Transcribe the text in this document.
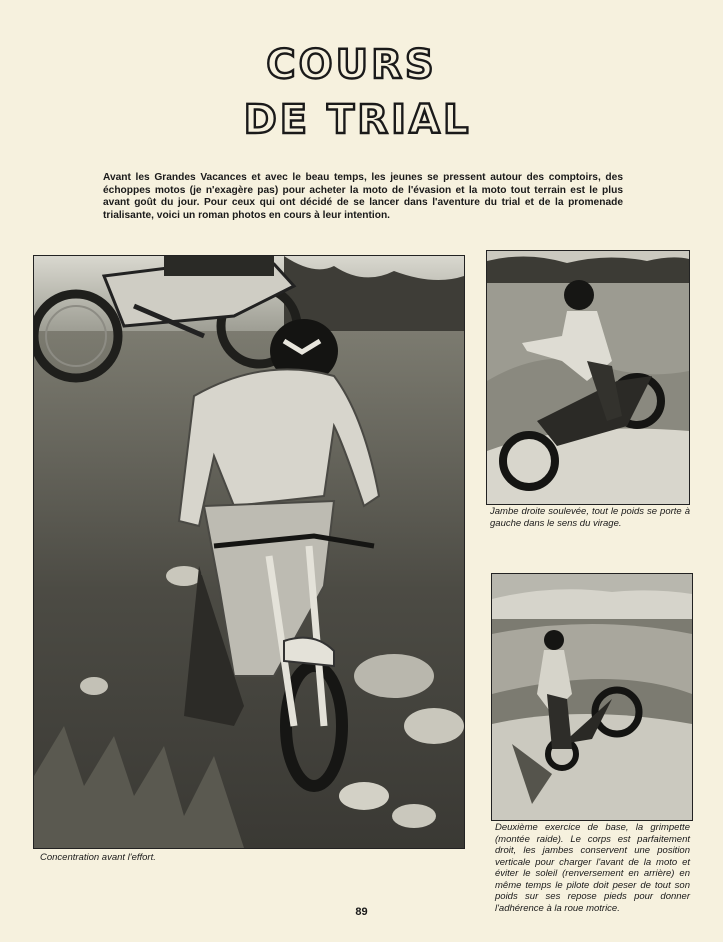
COURS
DE TRIAL
Avant les Grandes Vacances et avec le beau temps, les jeunes se pressent autour des comptoirs, des échoppes motos (je n'exagère pas) pour acheter la moto de l'évasion et la moto tout terrain est le plus avant goût du jour. Pour ceux qui ont décidé de se lancer dans l'aventure du trial et de la promenade trialisante, voici un roman photos en cours à leur intention.
Concentration avant l'effort.
Jambe droite soulevée, tout le poids se porte à gauche dans le sens du virage.
Deuxième exercice de base, la grimpette (montée raide). Le corps est parfaitement droit, les jambes conservent une position verticale pour charger l'avant de la moto et éviter le soleil (renversement en arrière) en même temps le pilote doit peser de tout son poids sur ses repose pieds pour donner l'adhérence à la roue motrice.
89
